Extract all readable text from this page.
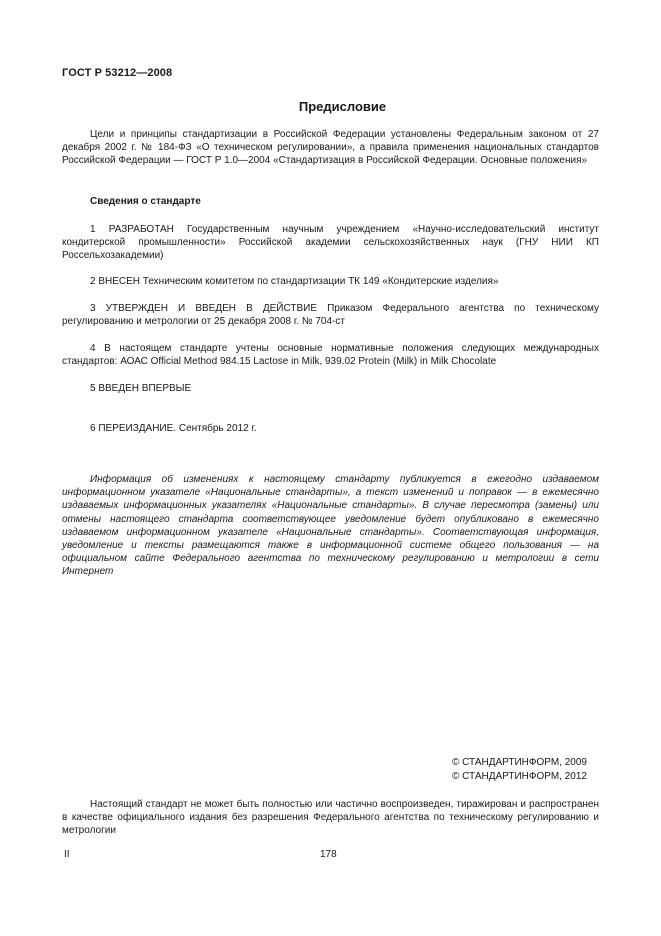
ГОСТ Р 53212—2008
Предисловие

Цели и принципы стандартизации в Российской Федерации установлены Федеральным законом от 27 декабря 2002 г. № 184-ФЗ «О техническом регулировании», а правила применения национальных стандартов Российской Федерации — ГОСТ Р 1.0—2004 «Стандартизация в Российской Федерации. Основные положения»

Сведения о стандарте

1 РАЗРАБОТАН Государственным научным учреждением «Научно-исследовательский институт кондитерской промышленности» Российской академии сельскохозяйственных наук (ГНУ НИИ КП Россельхозакадемии)

2 ВНЕСЕН Техническим комитетом по стандартизации ТК 149 «Кондитерские изделия»

3 УТВЕРЖДЕН И ВВЕДЕН В ДЕЙСТВИЕ Приказом Федерального агентства по техническому регулированию и метрологии от 25 декабря 2008 г. № 704-ст

4 В настоящем стандарте учтены основные нормативные положения следующих международных стандартов: АОАС Official Method 984.15 Lactose in Milk, 939.02 Protein (Milk) in Milk Chocolate

5 ВВЕДЕН ВПЕРВЫЕ

6 ПЕРЕИЗДАНИЕ. Сентябрь 2012 г.

Информация об изменениях к настоящему стандарту публикуется в ежегодно издаваемом информационном указателе «Национальные стандарты», а текст изменений и поправок — в ежемесячно издаваемых информационных указателях «Национальные стандарты». В случае пересмотра (замены) или отмены настоящего стандарта соответствующее уведомление будет опубликовано в ежемесячно издаваемом информационном указателе «Национальные стандарты». Соответствующая информация, уведомление и тексты размещаются также в информационной системе общего пользования — на официальном сайте Федерального агентства по техническому регулированию и метрологии в сети Интернет

© СТАНДАРТИНФОРМ, 2009
© СТАНДАРТИНФОРМ, 2012

Настоящий стандарт не может быть полностью или частично воспроизведен, тиражирован и распространен в качестве официального издания без разрешения Федерального агентства по техническому регулированию и метрологии

II	178
